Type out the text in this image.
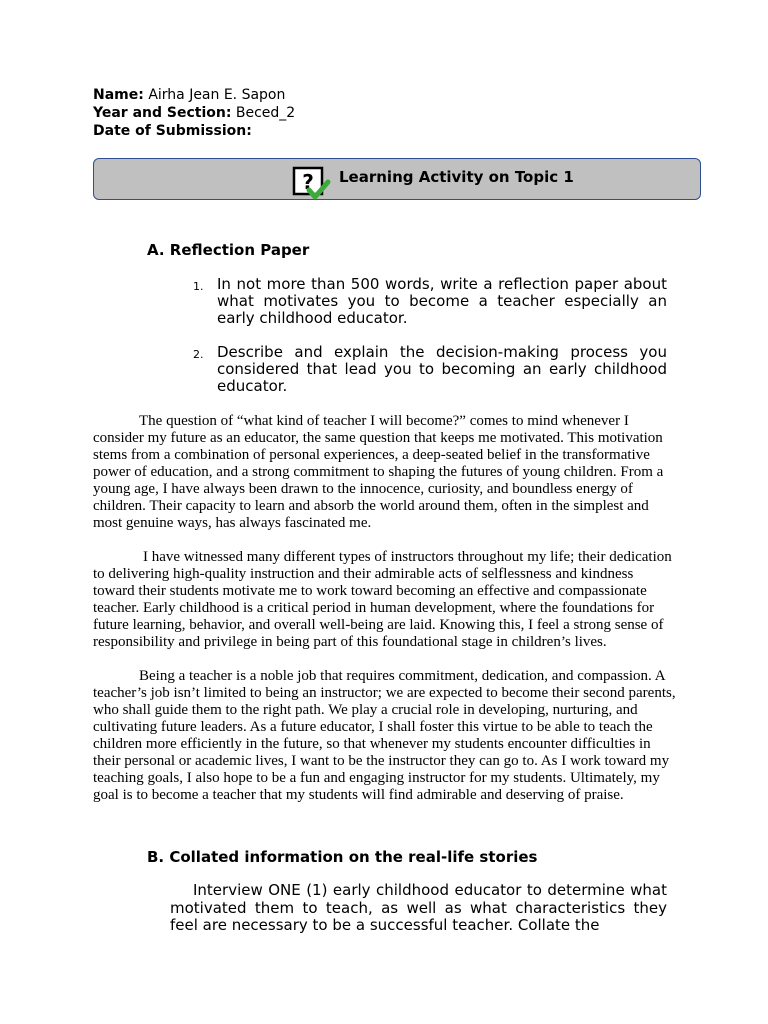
Name: Airha Jean E. Sapon
Year and Section: Beced_2
Date of Submission:
? Learning Activity on Topic 1
A. Reflection Paper
1. In not more than 500 words, write a reflection paper about what motivates you to become a teacher especially an early childhood educator.
2. Describe and explain the decision-making process you considered that lead you to becoming an early childhood educator.

The question of “what kind of teacher I will become?” comes to mind whenever I consider my future as an educator, the same question that keeps me motivated. This motivation stems from a combination of personal experiences, a deep-seated belief in the transformative power of education, and a strong commitment to shaping the futures of young children. From a young age, I have always been drawn to the innocence, curiosity, and boundless energy of children. Their capacity to learn and absorb the world around them, often in the simplest and most genuine ways, has always fascinated me.

I have witnessed many different types of instructors throughout my life; their dedication to delivering high-quality instruction and their admirable acts of selflessness and kindness toward their students motivate me to work toward becoming an effective and compassionate teacher. Early childhood is a critical period in human development, where the foundations for future learning, behavior, and overall well-being are laid. Knowing this, I feel a strong sense of responsibility and privilege in being part of this foundational stage in children’s lives.

Being a teacher is a noble job that requires commitment, dedication, and compassion. A teacher’s job isn’t limited to being an instructor; we are expected to become their second parents, who shall guide them to the right path. We play a crucial role in developing, nurturing, and cultivating future leaders. As a future educator, I shall foster this virtue to be able to teach the children more efficiently in the future, so that whenever my students encounter difficulties in their personal or academic lives, I want to be the instructor they can go to. As I work toward my teaching goals, I also hope to be a fun and engaging instructor for my students. Ultimately, my goal is to become a teacher that my students will find admirable and deserving of praise.

B. Collated information on the real-life stories
Interview ONE (1) early childhood educator to determine what motivated them to teach, as well as what characteristics they feel are necessary to be a successful teacher. Collate the
